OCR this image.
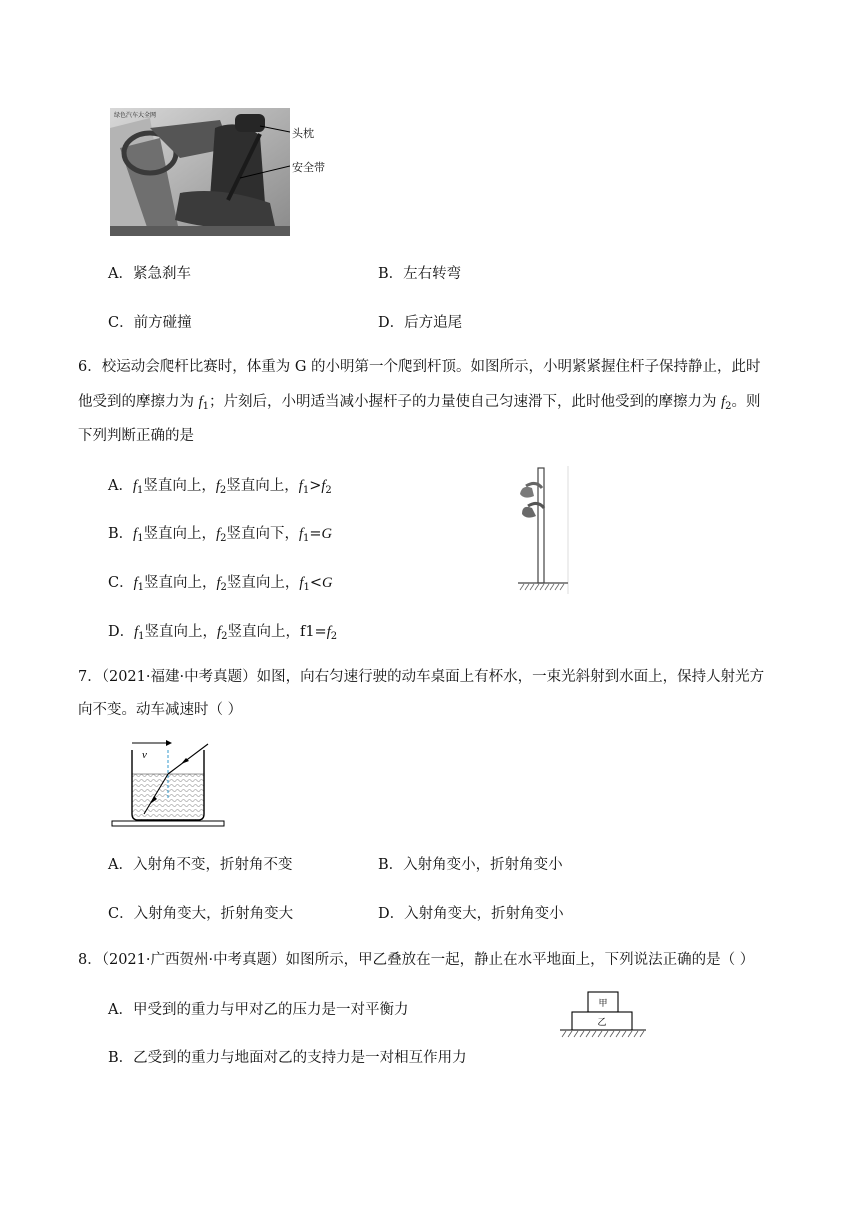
绿色汽车大全网
头枕
安全带
A．紧急刹车	B．左右转弯
C．前方碰撞	D．后方追尾
6．校运动会爬杆比赛时，体重为 G 的小明第一个爬到杆顶。如图所示，小明紧紧握住杆子保持静止，此时
他受到的摩擦力为 $f_1$；片刻后，小明适当减小握杆子的力量使自己匀速滑下，此时他受到的摩擦力为 $f_2$。则
下列判断正确的是
A．$f_1$竖直向上，$f_2$竖直向上，$f_1>f_2$
B．$f_1$竖直向上，$f_2$竖直向下，$f_1=G$
C．$f_1$竖直向上，$f_2$竖直向上，$f_1<G$
D．$f_1$竖直向上，$f_2$竖直向上，$f1=f_2$
7．（2021·福建·中考真题）如图，向右匀速行驶的动车桌面上有杯水，一束光斜射到水面上，保持人射光方
向不变。动车减速时（ ）
v
A．入射角不变，折射角不变	B．入射角变小，折射角变小
C．入射角变大，折射角变大	D．入射角变大，折射角变小
8．（2021·广西贺州·中考真题）如图所示，甲乙叠放在一起，静止在水平地面上，下列说法正确的是（ ）
A．甲受到的重力与甲对乙的压力是一对平衡力
B．乙受到的重力与地面对乙的支持力是一对相互作用力
甲
乙
